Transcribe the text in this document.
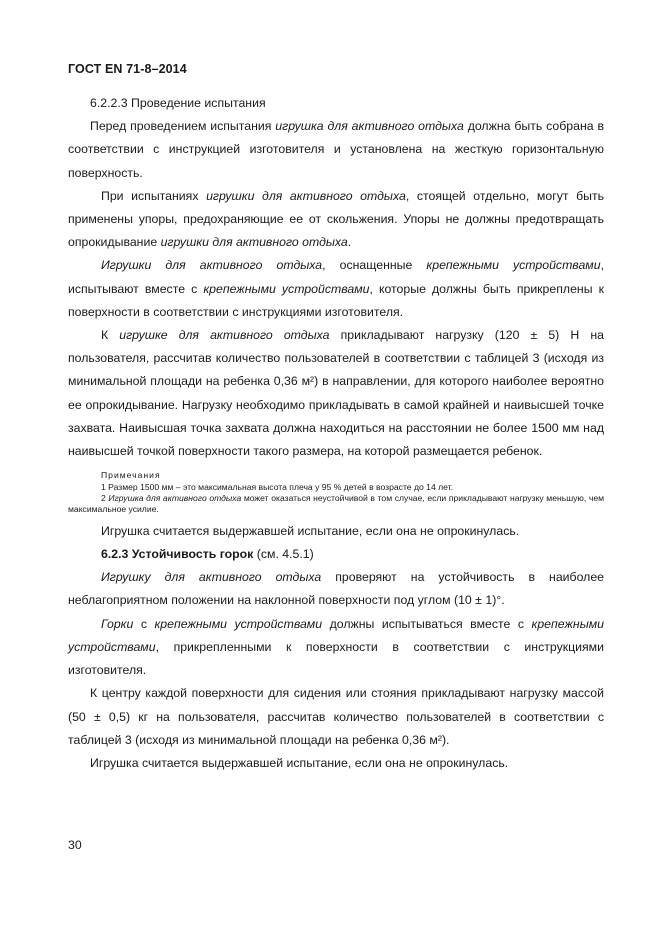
ГОСТ EN 71-8–2014

6.2.2.3 Проведение испытания

Перед проведением испытания игрушка для активного отдыха должна быть собрана в соответствии с инструкцией изготовителя и установлена на жесткую горизонтальную поверхность.

При испытаниях игрушки для активного отдыха, стоящей отдельно, могут быть применены упоры, предохраняющие ее от скольжения. Упоры не должны предотвращать опрокидывание игрушки для активного отдыха.

Игрушки для активного отдыха, оснащенные крепежными устройствами, испытывают вместе с крепежными устройствами, которые должны быть прикреплены к поверхности в соответствии с инструкциями изготовителя.

К игрушке для активного отдыха прикладывают нагрузку (120 ± 5) Н на пользователя, рассчитав количество пользователей в соответствии с таблицей 3 (исходя из минимальной площади на ребенка 0,36 м²) в направлении, для которого наиболее вероятно ее опрокидывание. Нагрузку необходимо прикладывать в самой крайней и наивысшей точке захвата. Наивысшая точка захвата должна находиться на расстоянии не более 1500 мм над наивысшей точкой поверхности такого размера, на которой размещается ребенок.

Примечания

1 Размер 1500 мм – это максимальная высота плеча у 95 % детей в возрасте до 14 лет.

2 Игрушка для активного отдыха может оказаться неустойчивой в том случае, если прикладывают нагрузку меньшую, чем максимальное усилие.

Игрушка считается выдержавшей испытание, если она не опрокинулась.

6.2.3 Устойчивость горок (см. 4.5.1)

Игрушку для активного отдыха проверяют на устойчивость в наиболее неблагоприятном положении на наклонной поверхности под углом (10 ± 1)°.

Горки с крепежными устройствами должны испытываться вместе с крепежными устройствами, прикрепленными к поверхности в соответствии с инструкциями изготовителя.

К центру каждой поверхности для сидения или стояния прикладывают нагрузку массой (50 ± 0,5) кг на пользователя, рассчитав количество пользователей в соответствии с таблицей 3 (исходя из минимальной площади на ребенка 0,36 м²).

Игрушка считается выдержавшей испытание, если она не опрокинулась.

30
